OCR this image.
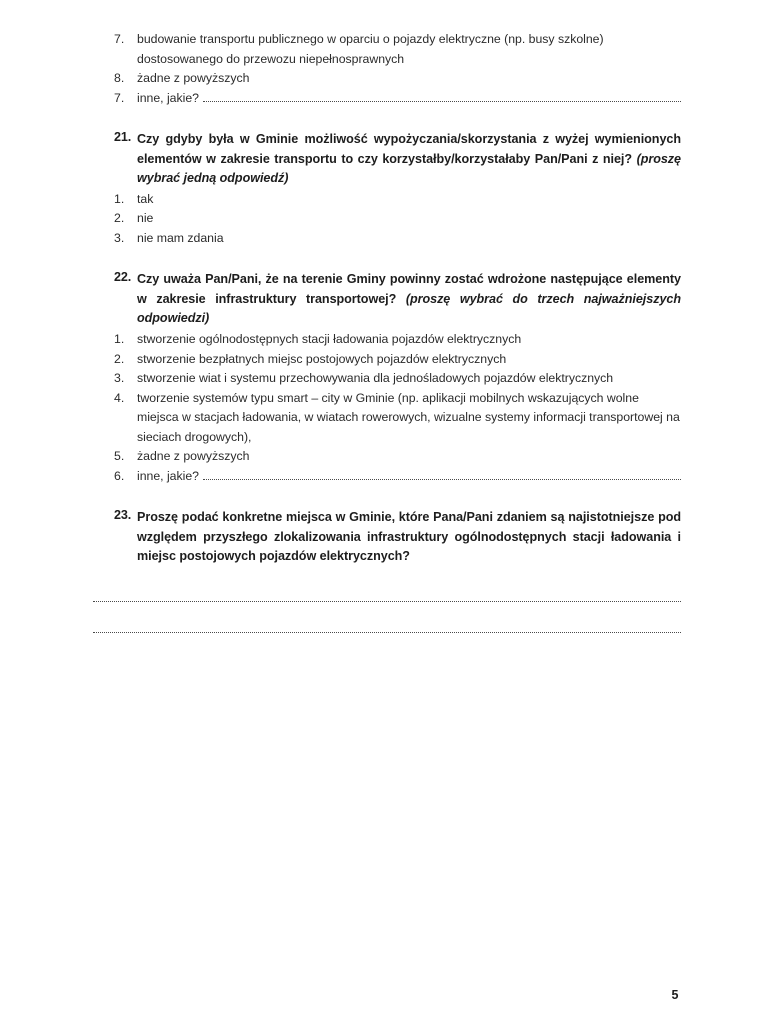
7.	budowanie transportu publicznego w oparciu o pojazdy elektryczne (np. busy szkolne) dostosowanego do przewozu niepełnosprawnych
8.	żadne z powyższych
7.	inne, jakie?
21. Czy gdyby była w Gminie możliwość wypożyczania/skorzystania z wyżej wymienionych elementów w zakresie transportu to czy korzystałby/korzystałaby Pan/Pani z niej? (proszę wybrać jedną odpowiedź)
1.	tak
2.	nie
3.	nie mam zdania
22. Czy uważa Pan/Pani, że na terenie Gminy powinny zostać wdrożone następujące elementy w zakresie infrastruktury transportowej? (proszę wybrać do trzech najważniejszych odpowiedzi)
1.	stworzenie ogólnodostępnych stacji ładowania pojazdów elektrycznych
2.	stworzenie bezpłatnych miejsc postojowych pojazdów elektrycznych
3.	stworzenie wiat i systemu przechowywania dla jednośladowych pojazdów elektrycznych
4.	tworzenie systemów typu smart – city w Gminie (np. aplikacji mobilnych wskazujących wolne miejsca w stacjach ładowania, w wiatach rowerowych, wizualne systemy informacji transportowej na sieciach drogowych),
5.	żadne z powyższych
6.	inne, jakie?
23. Proszę podać konkretne miejsca w Gminie, które Pana/Pani zdaniem są najistotniejsze pod względem przyszłego zlokalizowania infrastruktury ogólnodostępnych stacji ładowania i miejsc postojowych pojazdów elektrycznych?
5
